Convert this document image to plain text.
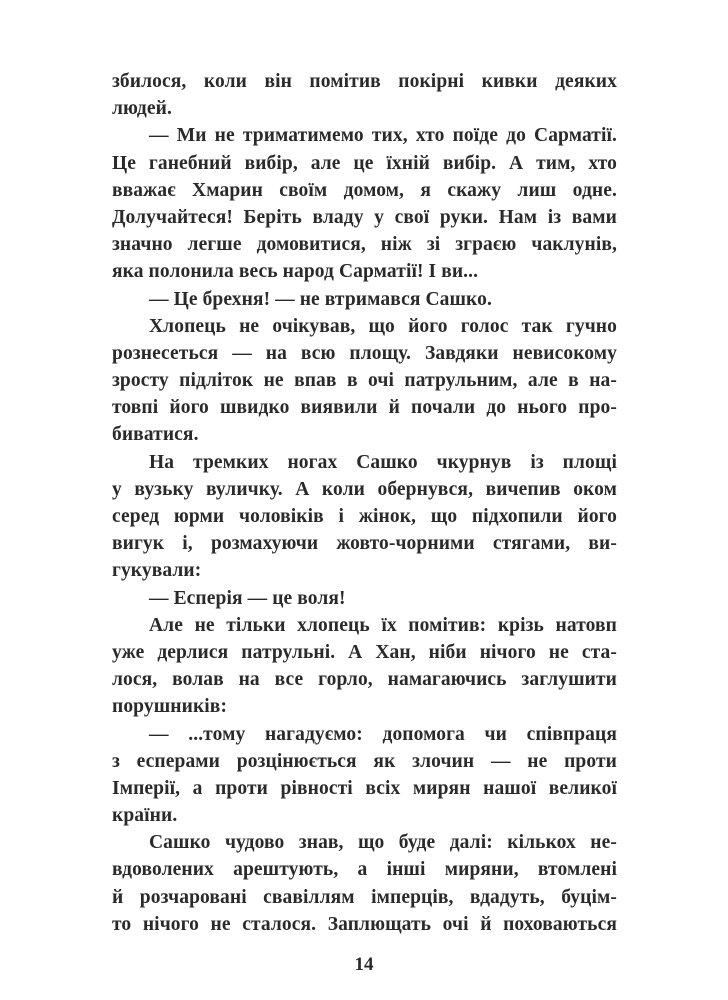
збилося, коли він помітив покірні кивки деяких
людей.
— Ми не триматимемо тих, хто поїде до Сарматії.
Це ганебний вибір, але це їхній вибір. А тим, хто
вважає Хмарин своїм домом, я скажу лиш одне.
Долучайтеся! Беріть владу у свої руки. Нам із вами
значно легше домовитися, ніж зі зграєю чаклунів,
яка полонила весь народ Сарматії! І ви...
— Це брехня! — не втримався Сашко.
Хлопець не очікував, що його голос так гучно
рознесеться — на всю площу. Завдяки невисокому
зросту підліток не впав в очі патрульним, але в на-
товпі його швидко виявили й почали до нього про-
биватися.
На тремких ногах Сашко чкурнув із площі
у вузьку вуличку. А коли обернувся, вичепив оком
серед юрми чоловіків і жінок, що підхопили його
вигук і, розмахуючи жовто-чорними стягами, ви-
гукували:
— Есперія — це воля!
Але не тільки хлопець їх помітив: крізь натовп
уже дерлися патрульні. А Хан, ніби нічого не ста-
лося, волав на все горло, намагаючись заглушити
порушників:
— ...тому нагадуємо: допомога чи співпраця
з есперами розцінюється як злочин — не проти
Імперії, а проти рівності всіх мирян нашої великої
країни.
Сашко чудово знав, що буде далі: кількох не-
вдоволених арештують, а інші миряни, втомлені
й розчаровані свавіллям імперців, вдадуть, буцім-
то нічого не сталося. Заплющать очі й поховаються
14
